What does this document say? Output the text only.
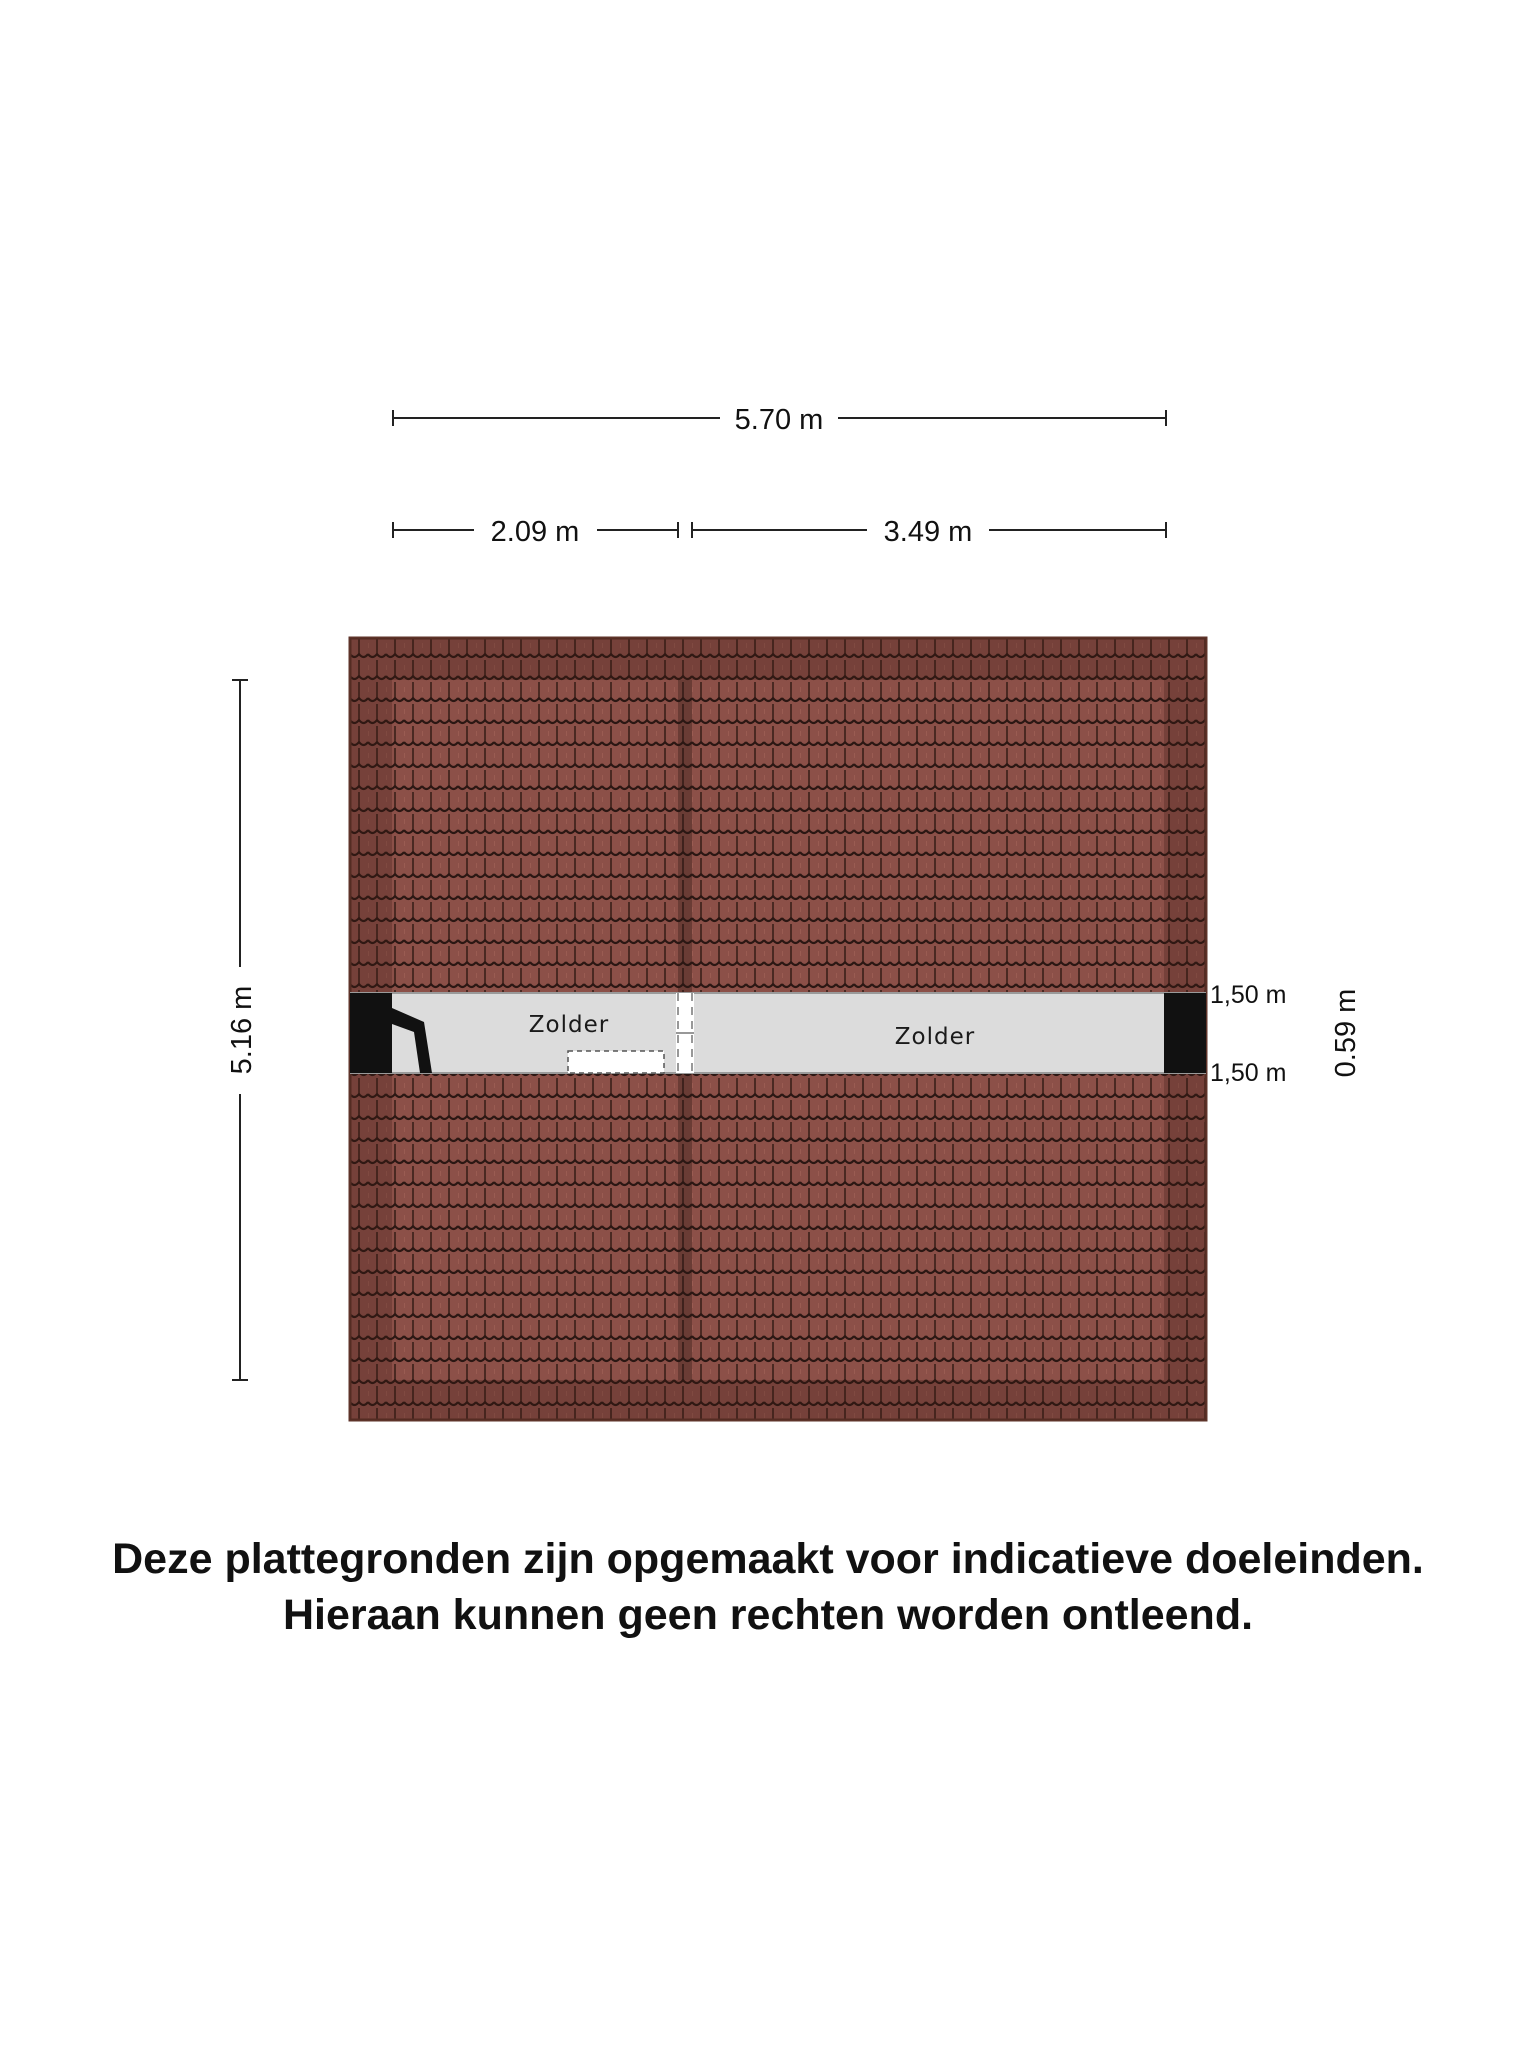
5.70 m
2.09 m	3.49 m
5.16 m	Zolder	Zolder
1,50 m
1,50 m 0.59 m

Deze plattegronden zijn opgemaakt voor indicatieve doeleinden.

Hieraan kunnen geen rechten worden ontleend.
